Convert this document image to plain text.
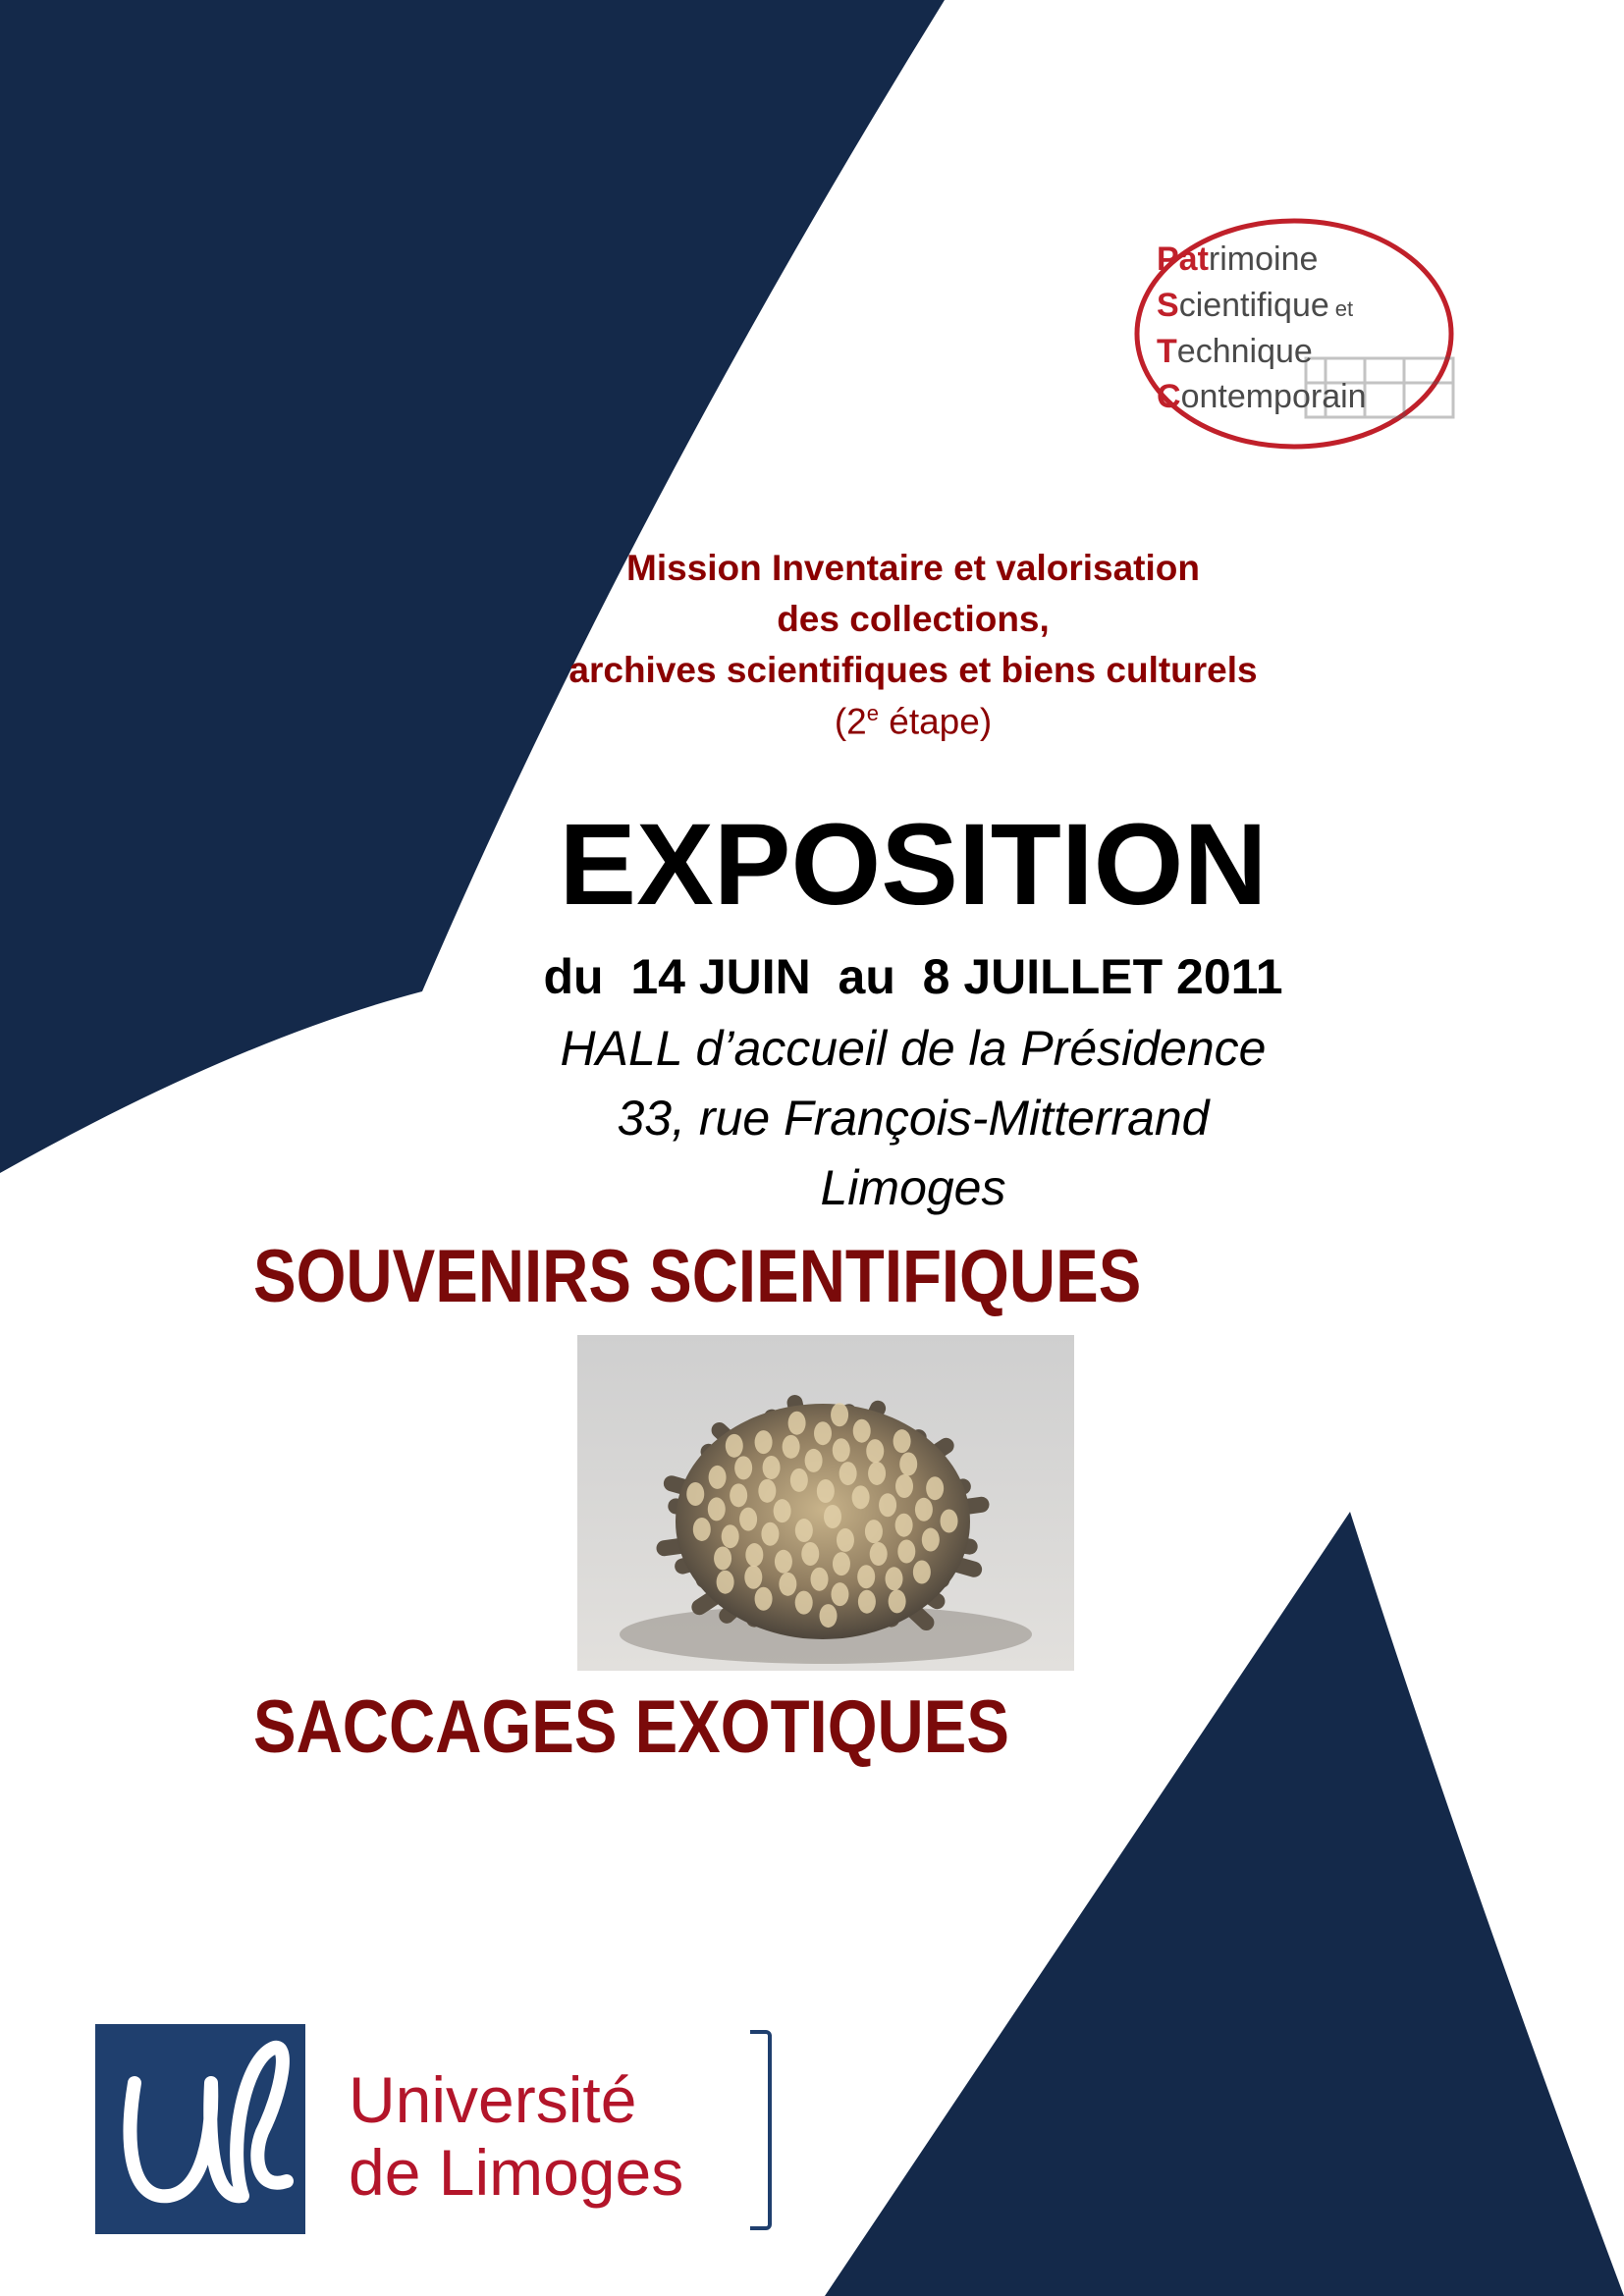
Patrimoine
Scientifique et
Technique
Contemporain
Mission Inventaire et valorisation
des collections,
archives scientifiques et biens culturels
(2e étape)
EXPOSITION
du  14 JUIN  au  8 JUILLET 2011
HALL d’accueil de la Présidence
33, rue François-Mitterrand
Limoges
SOUVENIRS SCIENTIFIQUES
SACCAGES EXOTIQUES
Université
de Limoges
